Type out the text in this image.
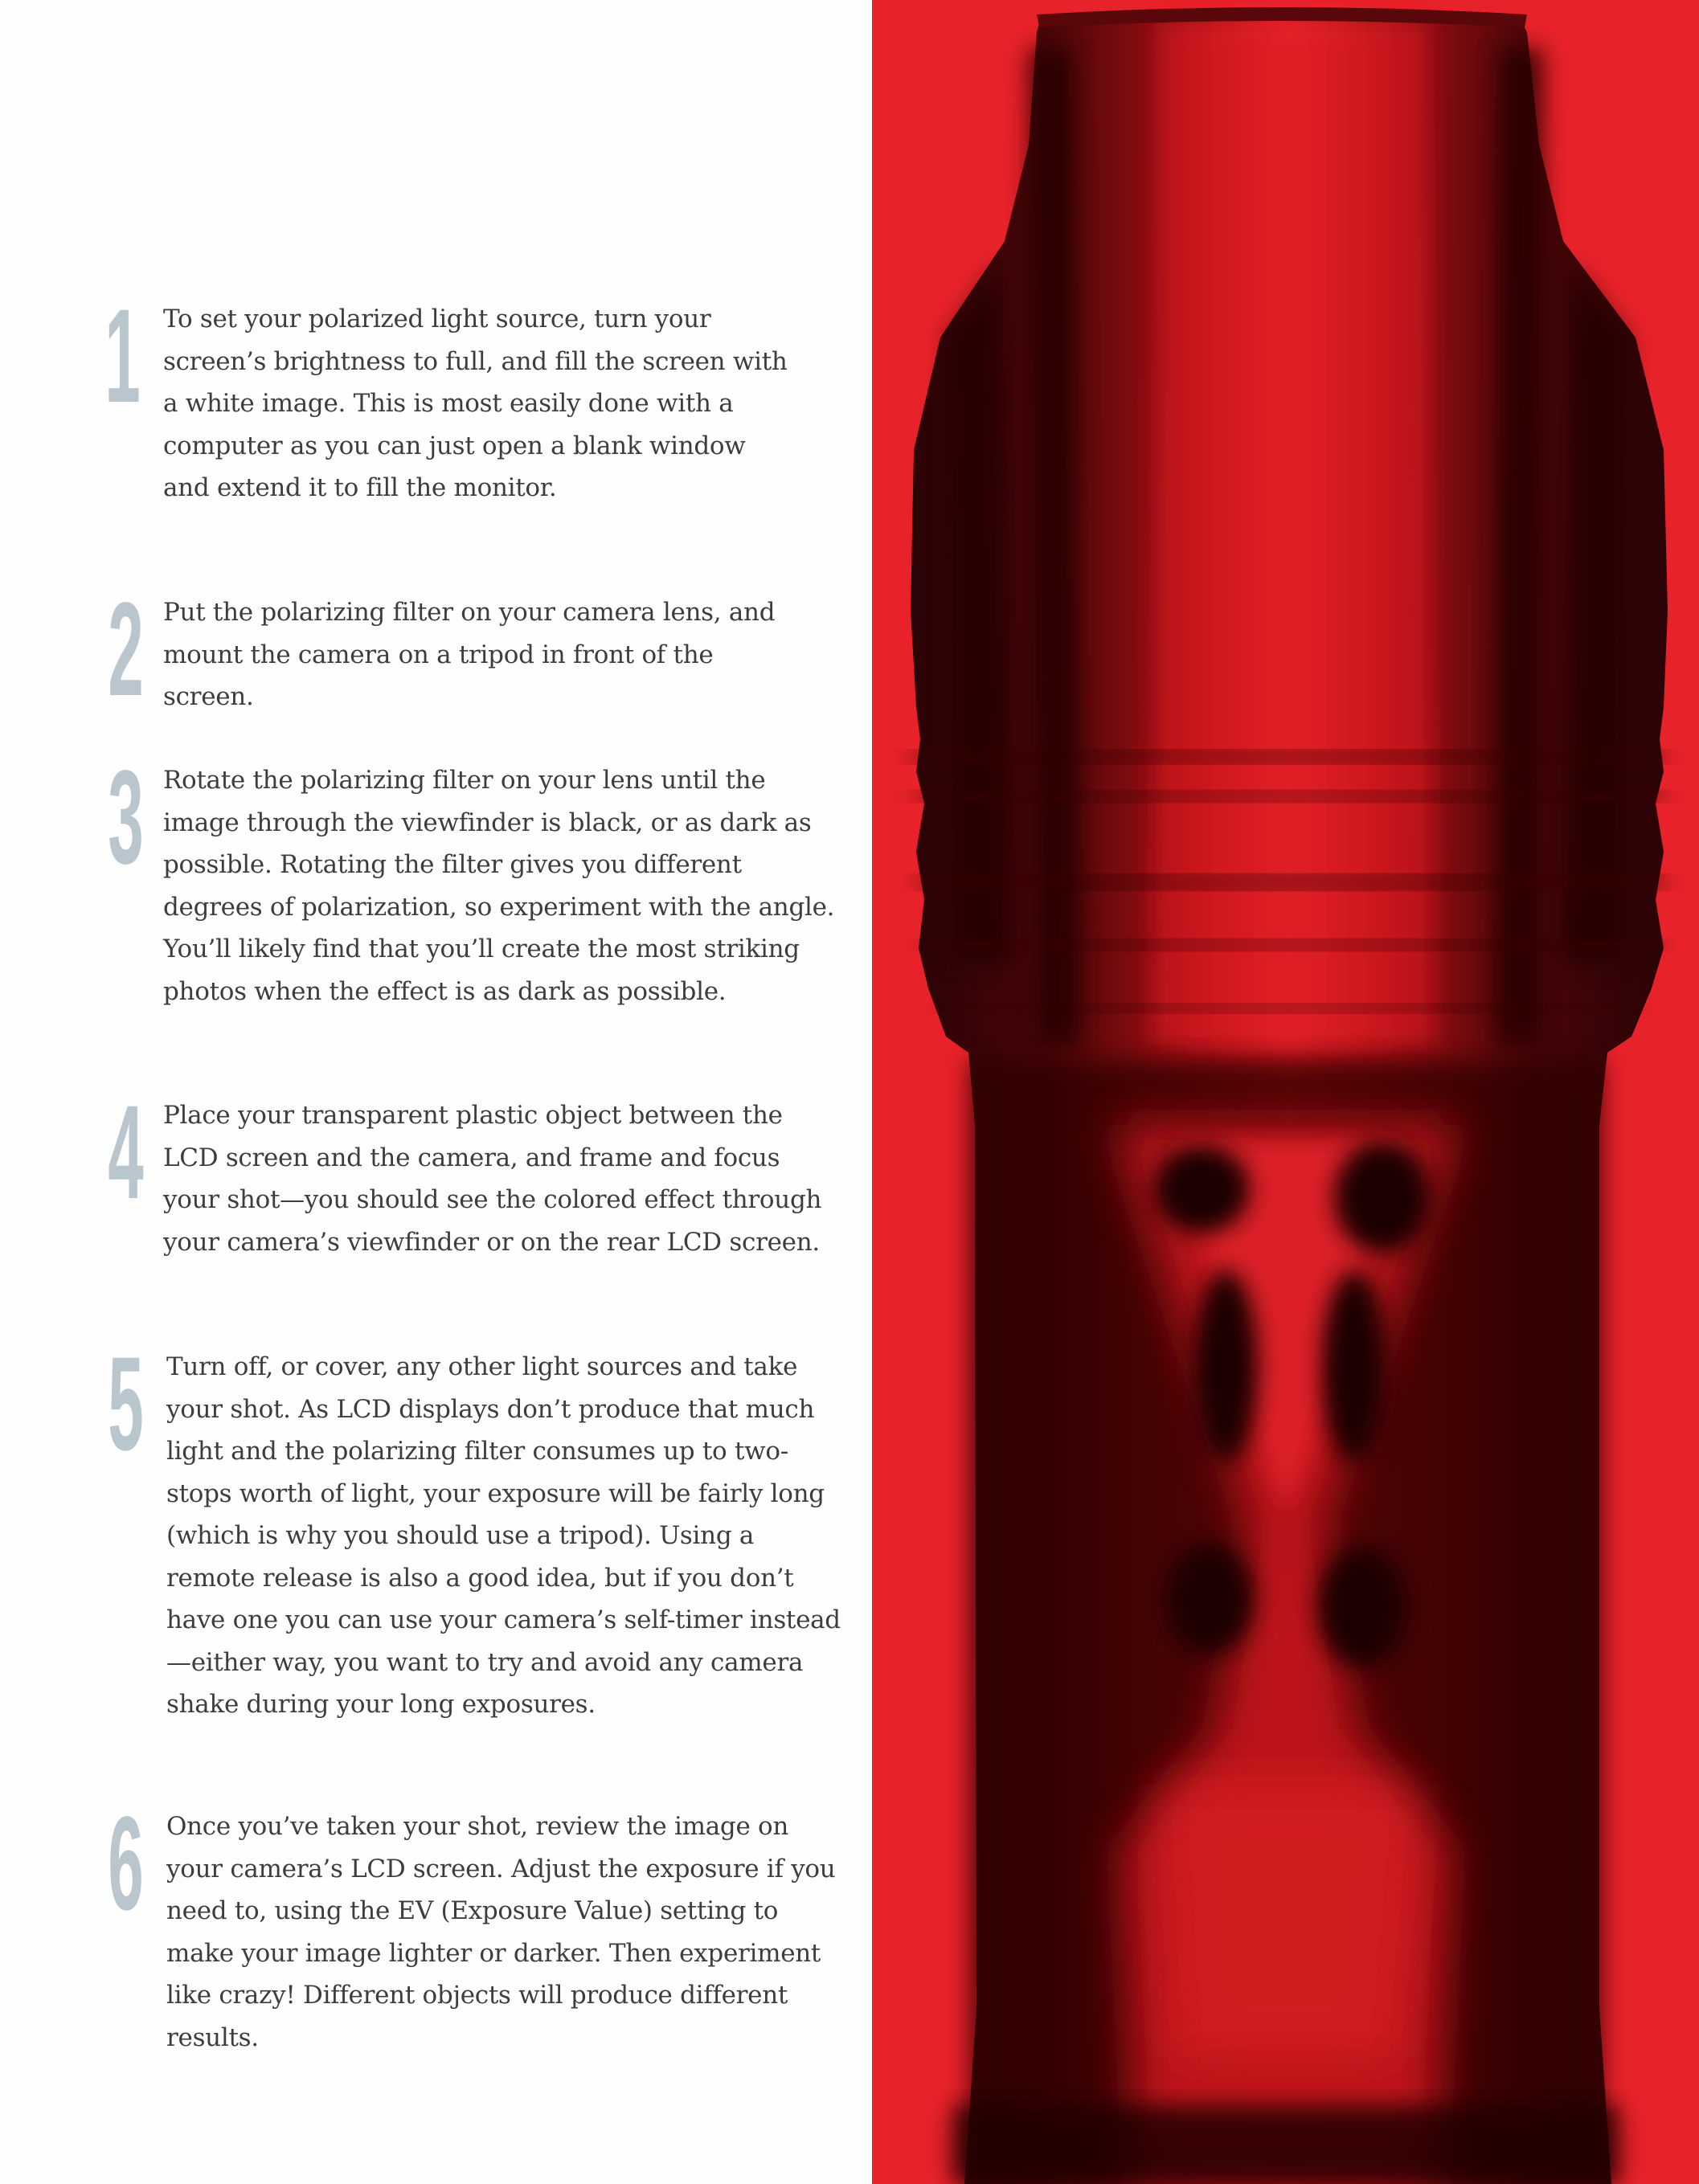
1 To set your polarized light source, turn your screen’s brightness to full, and fill the screen with a white image. This is most easily done with a computer as you can just open a blank window and extend it to fill the monitor.

2 Put the polarizing filter on your camera lens, and mount the camera on a tripod in front of the screen.

3 Rotate the polarizing filter on your lens until the image through the viewfinder is black, or as dark as possible. Rotating the filter gives you different degrees of polarization, so experiment with the angle. You’ll likely find that you’ll create the most striking photos when the effect is as dark as possible.

4 Place your transparent plastic object between the LCD screen and the camera, and frame and focus your shot—you should see the colored effect through your camera’s viewfinder or on the rear LCD screen.

5 Turn off, or cover, any other light sources and take your shot. As LCD displays don’t produce that much light and the polarizing filter consumes up to two-stops worth of light, your exposure will be fairly long (which is why you should use a tripod). Using a remote release is also a good idea, but if you don’t have one you can use your camera’s self-timer instead—either way, you want to try and avoid any camera shake during your long exposures.

6 Once you’ve taken your shot, review the image on your camera’s LCD screen. Adjust the exposure if you need to, using the EV (Exposure Value) setting to make your image lighter or darker. Then experiment like crazy! Different objects will produce different results.
